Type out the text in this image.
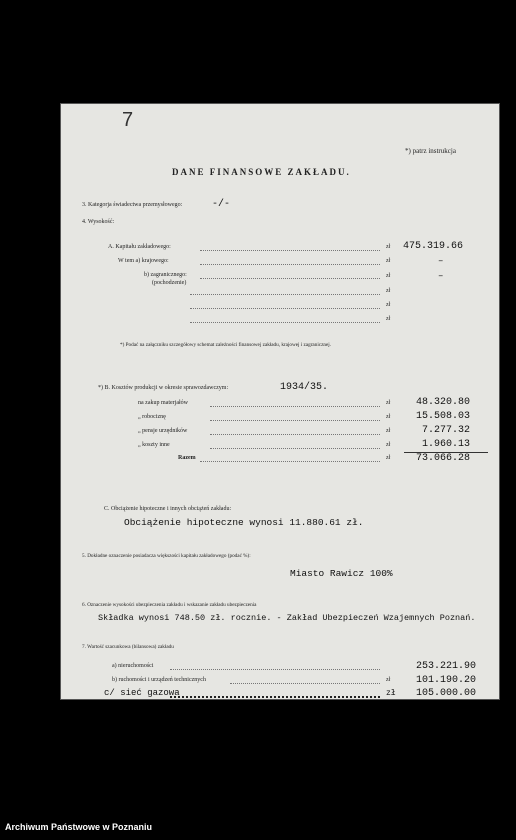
7
*) patrz instrukcja
DANE FINANSOWE ZAKŁADU.
3. Kategorja świadectwa przemysłowego:	-/-
4. Wysokość:
A. Kapitału zakładowego:	zł 475.319.66
W tem a) krajowego:	zł	–
b) zagranicznego:
(pochodzenie)
zł	–
zł
zł
zł
*) Podać na załączniku szczegółowy schemat zależności finansowej zakładu, krajowej i zagranicznej.
*) B. Kosztów produkcji w okresie sprawozdawczym:	1934/35.
na zakup materjałów	zł	48.320.80
„ robociznę	zł	15.508.03
„ pensje urzędników	zł	7.277.32
„ koszty inne	zł	1.960.13
Razem	zł	73.066.28
C. Obciążenie hipoteczne i innych obciążeń zakładu:
Obciążenie hipoteczne wynosi 11.880.61 zł.
5. Dokładne oznaczenie posiadacza większości kapitału zakładowego (podać %):
Miasto Rawicz 100%
6. Oznaczenie wysokości ubezpieczenia zakładu i wskazanie zakładu ubezpieczenia
Składka wynosi 748.50 zł. rocznie. - Zakład Ubezpieczeń Wzajemnych Poznań.
7. Wartość szacunkowa (bilansowa) zakładu
a) nieruchomości	253.221.90
b) ruchomości i urządzeń technicznych	zł	101.190.20
c/ sieć gazowa	zł 105.000.00
Archiwum Państwowe w Poznaniu
